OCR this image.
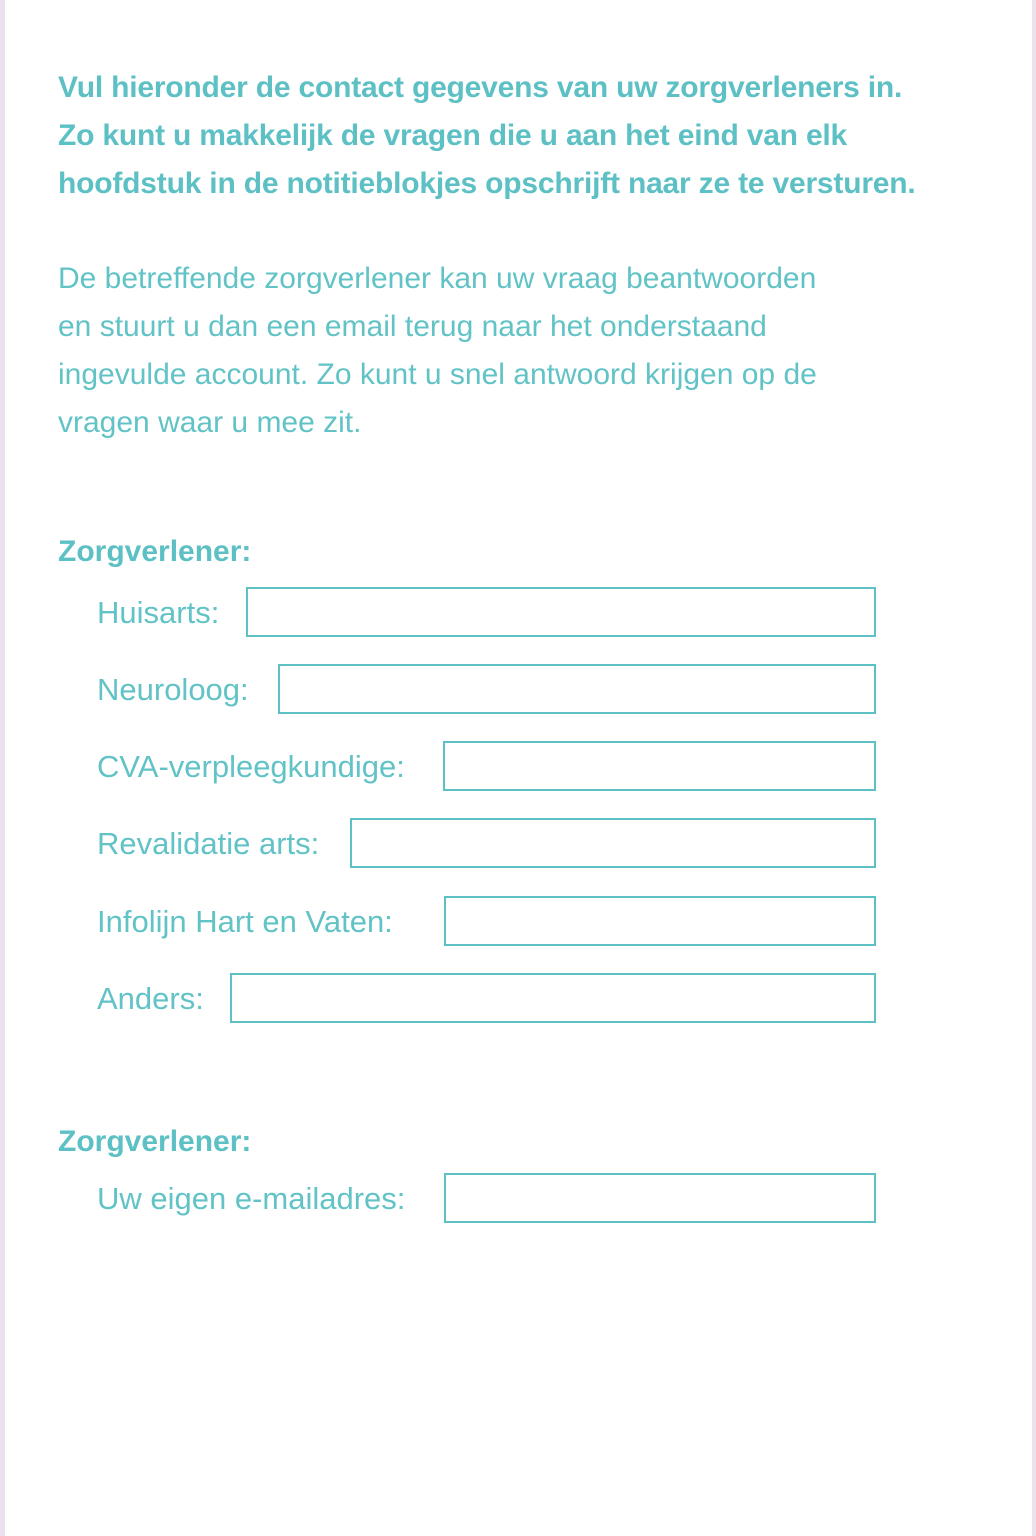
Vul hieronder de contact gegevens van uw zorgverleners in.
Zo kunt u makkelijk de vragen die u aan het eind van elk
hoofdstuk in de notitieblokjes opschrijft naar ze te versturen.

De betreffende zorgverlener kan uw vraag beantwoorden
en stuurt u dan een email terug naar het onderstaand
ingevulde account. Zo kunt u snel antwoord krijgen op de
vragen waar u mee zit.

Zorgverlener:
Huisarts:
Neuroloog:
CVA-verpleegkundige:
Revalidatie arts:
Infolijn Hart en Vaten:
Anders:
Zorgverlener:
Uw eigen e-mailadres:
